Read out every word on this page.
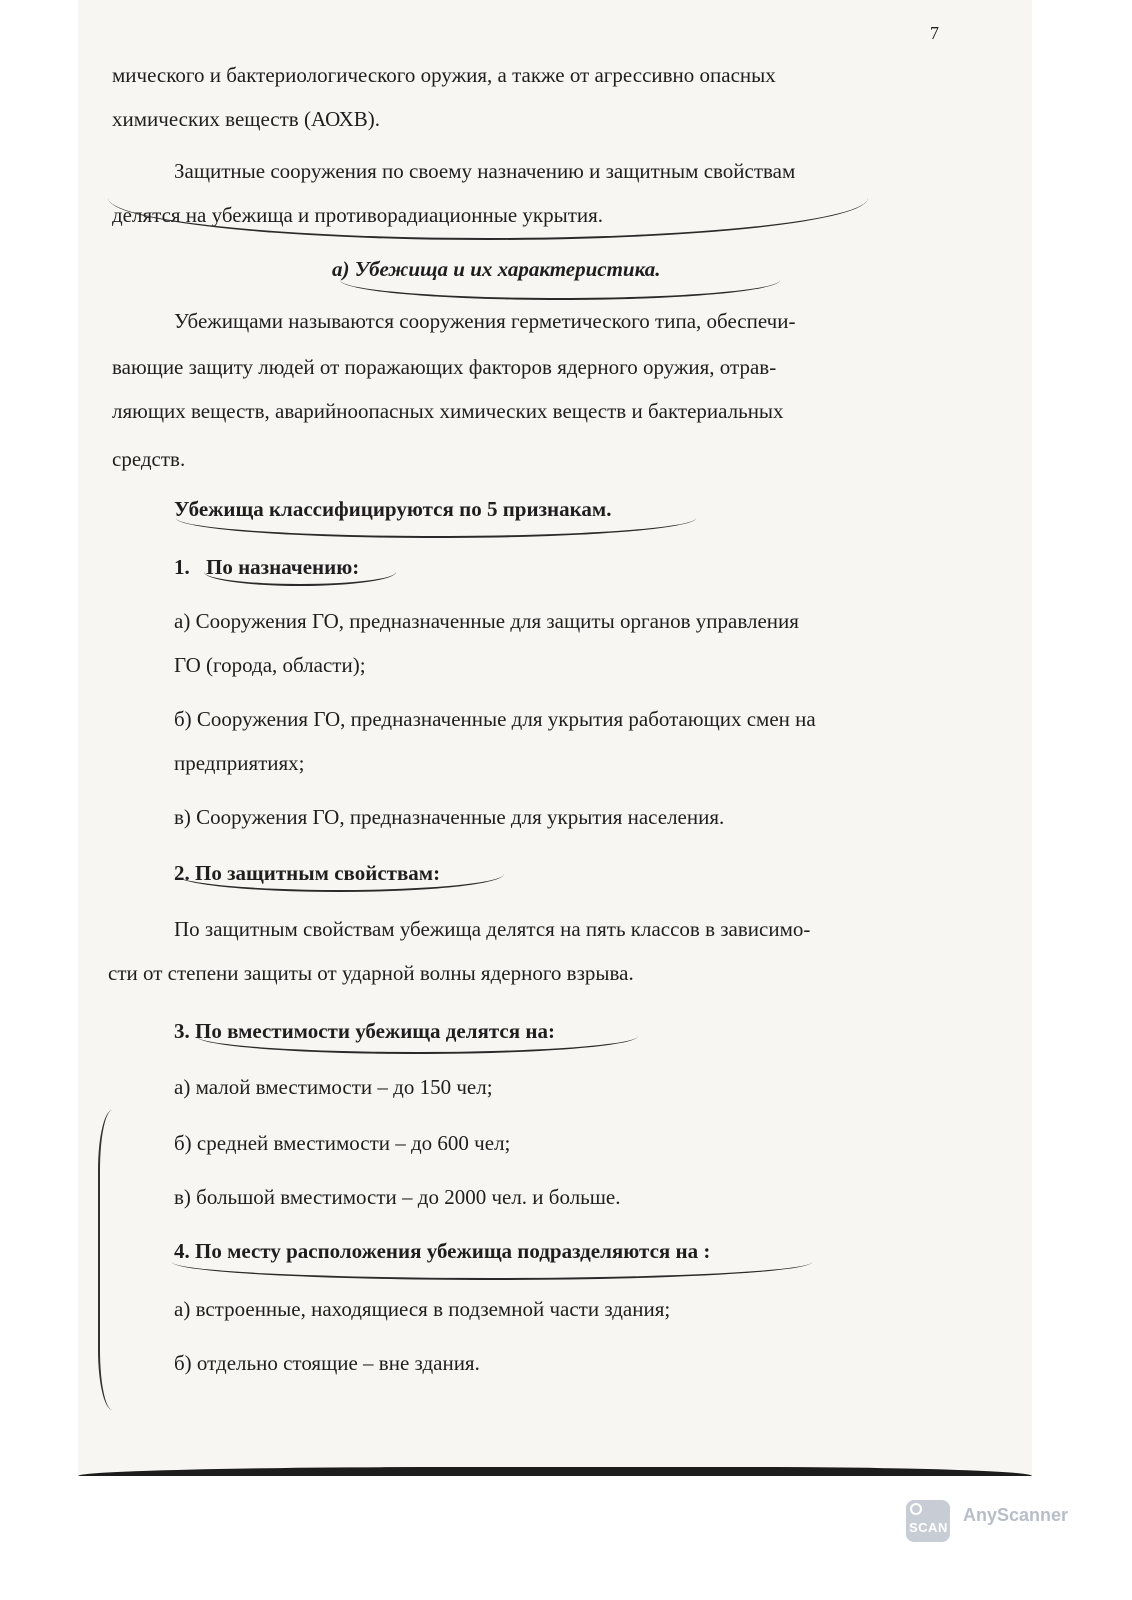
7
мического и бактериологического оружия, а также от агрессивно опасных
химических веществ (АОХВ).
Защитные сооружения по своему назначению и защитным свойствам
делятся на убежища и противорадиационные укрытия.
а) Убежища и их характеристика.
Убежищами называются сооружения герметического типа, обеспечи-
вающие защиту людей от поражающих факторов ядерного оружия, отрав-
ляющих веществ, аварийноопасных химических веществ и бактериальных
средств.
Убежища классифицируются по 5 признакам.
1. По назначению:
а) Сооружения ГО, предназначенные для защиты органов управления
ГО (города, области);
б) Сооружения ГО, предназначенные для укрытия работающих смен на
предприятиях;
в) Сооружения ГО, предназначенные для укрытия населения.
2. По защитным свойствам:
По защитным свойствам убежища делятся на пять классов в зависимо-
сти от степени защиты от ударной волны ядерного взрыва.
3. По вместимости убежища делятся на:
а) малой вместимости – до 150 чел;
б) средней вместимости – до 600 чел;
в) большой вместимости – до 2000 чел. и больше.
4. По месту расположения убежища подразделяются на :
а) встроенные, находящиеся в подземной части здания;
б) отдельно стоящие – вне здания.
SCAN
AnyScanner
